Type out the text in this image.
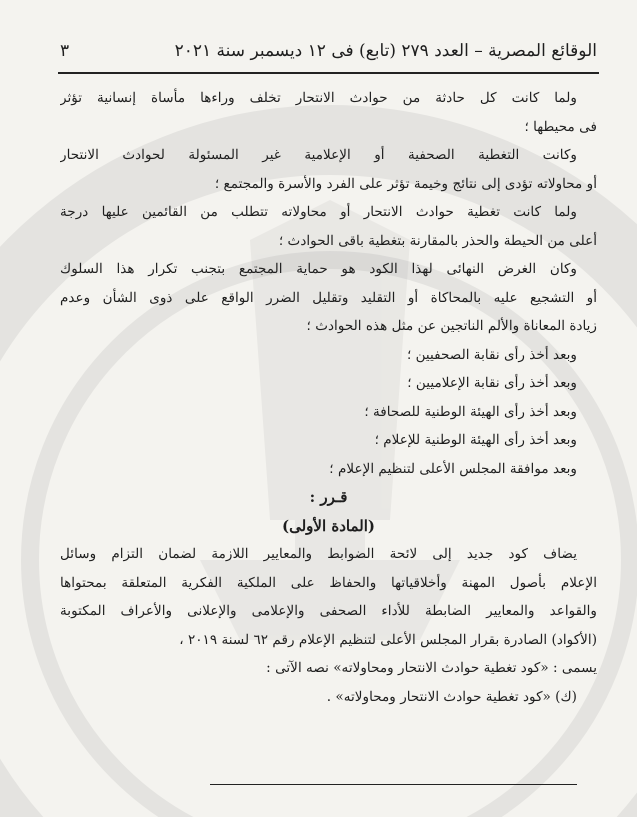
الوقائع المصرية – العدد ٢٧٩ (تابع) فى ١٢ ديسمبر سنة ٢٠٢١
٣
ولما كانت كل حادثة من حوادث الانتحار تخلف وراءها مأساة إنسانية تؤثر
فى محيطها ؛
وكانت التغطية الصحفية أو الإعلامية غير المسئولة لحوادث الانتحار
أو محاولاته تؤدى إلى نتائج وخيمة تؤثر على الفرد والأسرة والمجتمع ؛
ولما كانت تغطية حوادث الانتحار أو محاولاته تتطلب من القائمين عليها درجة
أعلى من الحيطة والحذر بالمقارنة بتغطية باقى الحوادث ؛
وكان الغرض النهائى لهذا الكود هو حماية المجتمع بتجنب تكرار هذا السلوك
أو التشجيع عليه بالمحاكاة أو التقليد وتقليل الضرر الواقع على ذوى الشأن وعدم
زيادة المعاناة والألم الناتجين عن مثل هذه الحوادث ؛
وبعد أخذ رأى نقابة الصحفيين ؛
وبعد أخذ رأى نقابة الإعلاميين ؛
وبعد أخذ رأى الهيئة الوطنية للصحافة ؛
وبعد أخذ رأى الهيئة الوطنية للإعلام ؛
وبعد موافقة المجلس الأعلى لتنظيم الإعلام ؛
قـرر :
(المادة الأولى)
يضاف كود جديد إلى لائحة الضوابط والمعايير اللازمة لضمان التزام وسائل
الإعلام بأصول المهنة وأخلاقياتها والحفاظ على الملكية الفكرية المتعلقة بمحتواها
والقواعد والمعايير الضابطة للأداء الصحفى والإعلامى والإعلانى والأعراف المكتوبة
(الأكواد) الصادرة بقرار المجلس الأعلى لتنظيم الإعلام رقم ٦٢ لسنة ٢٠١٩ ،
يسمى : «كود تغطية حوادث الانتحار ومحاولاته» نصه الآتى :
(ك) «كود تغطية حوادث الانتحار ومحاولاته» .
